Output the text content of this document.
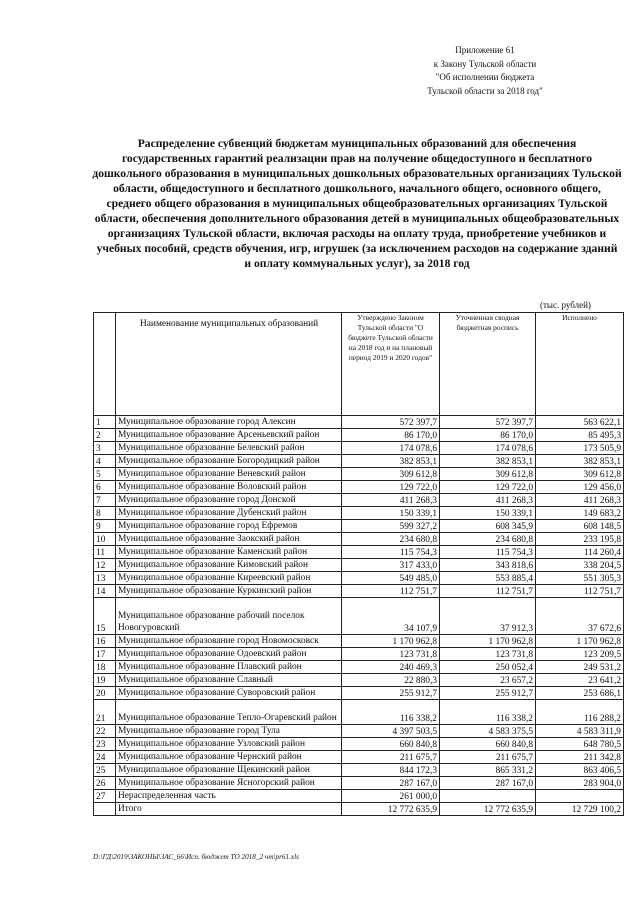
Приложение 61
к Закону Тульской области
"Об исполнении бюджета
Тульской области за 2018 год"
Распределение субвенций бюджетам муниципальных образований для обеспечения государственных гарантий реализации прав на получение общедоступного и бесплатного дошкольного образования в муниципальных дошкольных образовательных организациях Тульской области, общедоступного и бесплатного дошкольного, начального общего, основного общего, среднего общего образования в муниципальных общеобразовательных организациях Тульской области, обеспечения дополнительного образования детей в муниципальных общеобразовательных организациях Тульской области, включая расходы на оплату труда, приобретение учебников и учебных пособий, средств обучения, игр, игрушек (за исключением расходов на содержание зданий и оплату коммунальных услуг), за 2018 год
(тыс. рублей)
	Наименование муниципальных образований	Утверждено Законом Тульской области "О бюджете Тульской области на 2018 год и на плановый период 2019 и 2020 годов"	Уточненная сводная бюджетная роспись	Исполнено
1	Муниципальное образование город Алексин	572 397,7	572 397,7	563 622,1
2	Муниципальное образование Арсеньевский район	86 170,0	86 170,0	85 495,3
3	Муниципальное образование Белевский район	174 078,6	174 078,6	173 505,9
4	Муниципальное образование Богородицкий район	382 853,1	382 853,1	382 853,1
5	Муниципальное образование Веневский район	309 612,8	309 612,8	309 612,8
6	Муниципальное образование Воловский район	129 722,0	129 722,0	129 456,0
7	Муниципальное образование город Донской	411 268,3	411 268,3	411 268,3
8	Муниципальное образование Дубенский район	150 339,1	150 339,1	149 683,2
9	Муниципальное образование город Ефремов	599 327,2	608 345,9	608 148,5
10	Муниципальное образование Заокский район	234 680,8	234 680,8	233 195,8
11	Муниципальное образование Каменский район	115 754,3	115 754,3	114 260,4
12	Муниципальное образование Кимовский район	317 433,0	343 818,6	338 204,5
13	Муниципальное образование Киреевский район	549 485,0	553 885,4	551 305,3
14	Муниципальное образование Куркинский район	112 751,7	112 751,7	112 751,7
15	Муниципальное образование рабочий поселок Новогуровский	34 107,9	37 912,3	37 672,6
16	Муниципальное образование город Новомосковск	1 170 962,8	1 170 962,8	1 170 962,8
17	Муниципальное образование Одоевский район	123 731,8	123 731,8	123 209,5
18	Муниципальное образование Плавский район	240 469,3	250 052,4	249 531,2
19	Муниципальное образование Славный	22 880,3	23 657,2	23 641,2
20	Муниципальное образование Суворовский район	255 912,7	255 912,7	253 686,1
21	Муниципальное образование Тепло-Огаревский район	116 338,2	116 338,2	116 288,2
22	Муниципальное образование город Тула	4 397 503,5	4 583 375,5	4 583 311,9
23	Муниципальное образование Узловский район	660 840,8	660 840,8	648 780,5
24	Муниципальное образование Чернский район	211 675,7	211 675,7	211 342,8
25	Муниципальное образование Щекинский район	844 172,3	865 331,2	863 406,5
26	Муниципальное образование Ясногорский район	287 167,0	287 167,0	283 904,0
27	Нераспределенная часть	261 000,0		
	Итого	12 772 635,9	12 772 635,9	12 729 100,2
D:\ГД\2019\ЗАКОНЫ\ЗАС_66\Исп. бюджет ТО 2018_2 чт\pr61.xls
